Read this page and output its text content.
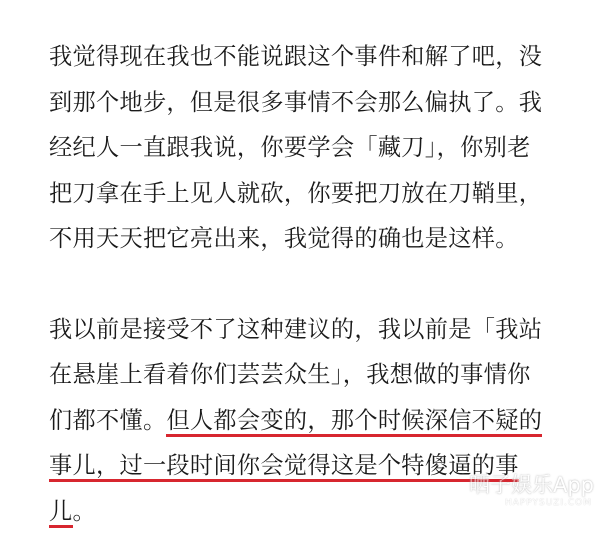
我觉得现在我也不能说跟这个事件和解了吧，没
到那个地步，但是很多事情不会那么偏执了。我
经纪人一直跟我说，你要学会「藏刀」，你别老
把刀拿在手上见人就砍，你要把刀放在刀鞘里，
不用天天把它亮出来，我觉得的确也是这样。

我以前是接受不了这种建议的，我以前是「我站
在悬崖上看着你们芸芸众生」，我想做的事情你
们都不懂。但人都会变的，那个时候深信不疑的
事儿，过一段时间你会觉得这是个特傻逼的事
儿。

晒子娱乐App
HAPPYSUZI.COM
